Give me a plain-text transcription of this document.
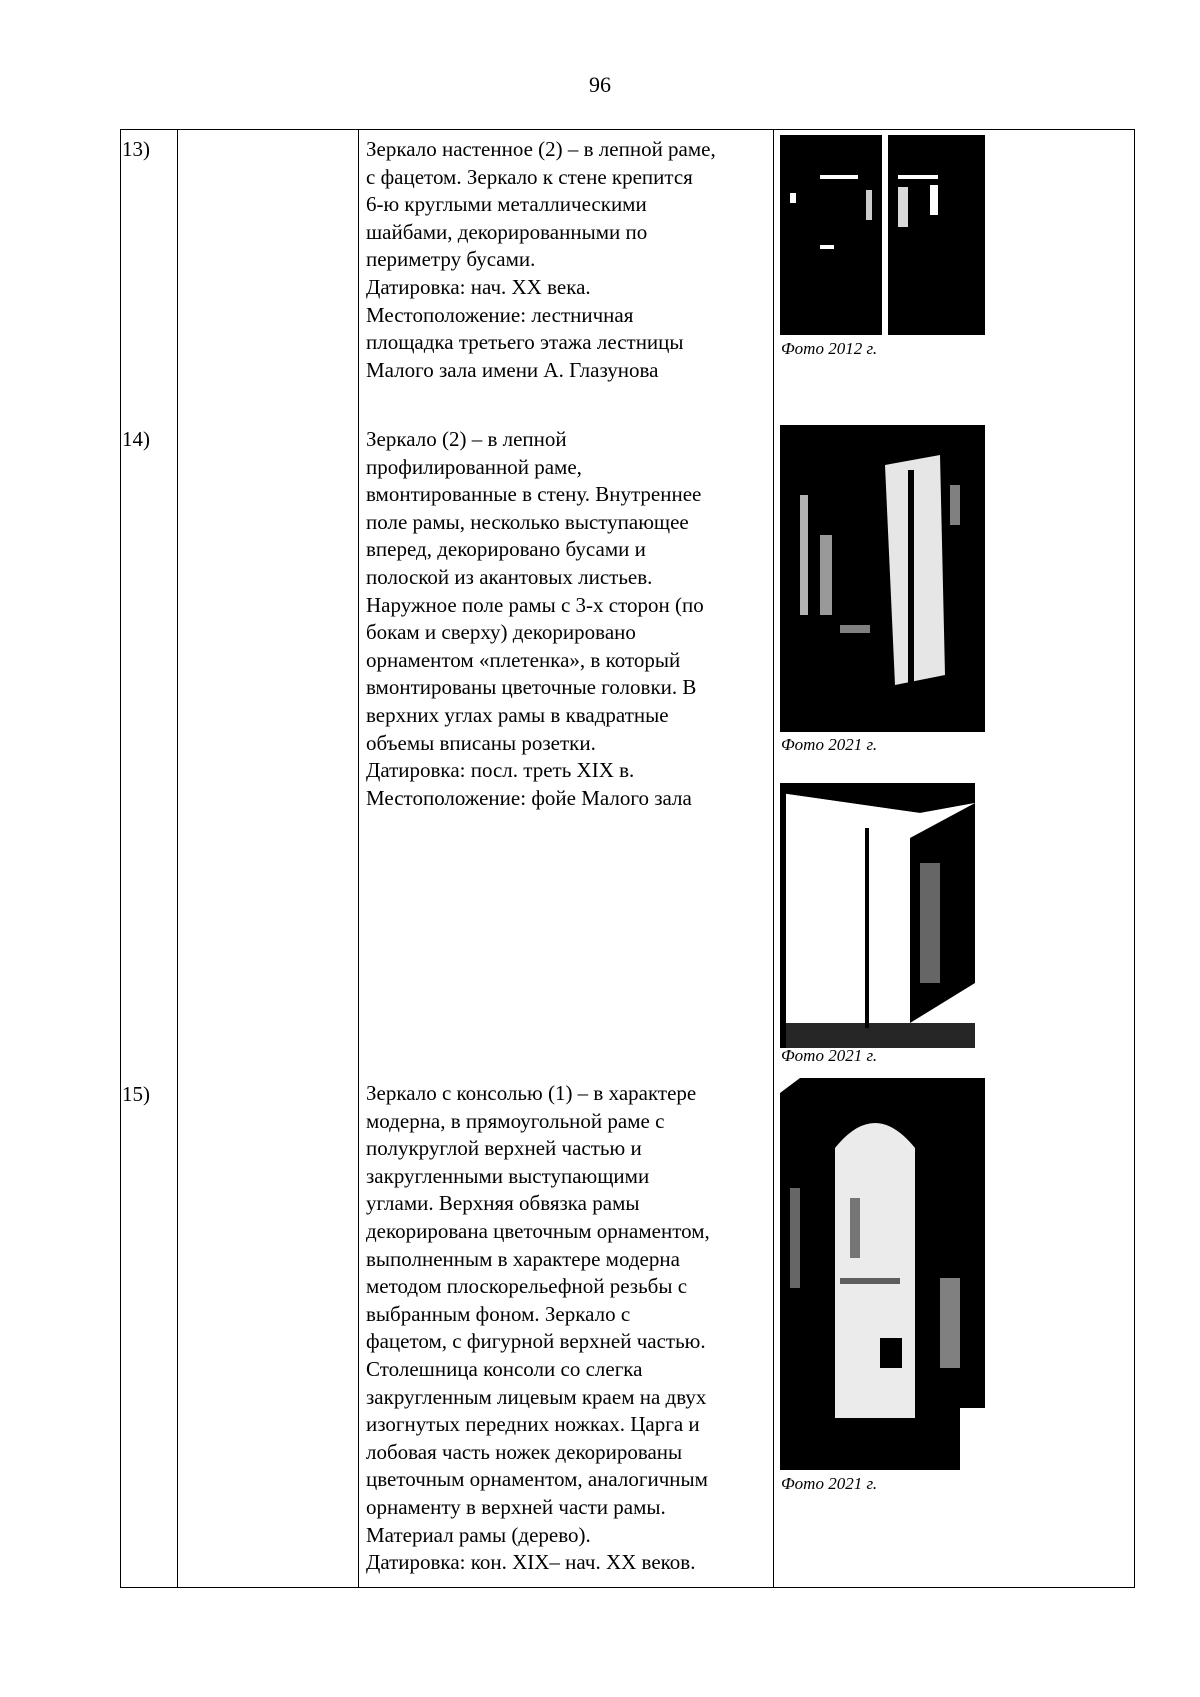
96
13)	Зеркало настенное (2) – в лепной раме,
с фацетом. Зеркало к стене крепится
6-ю круглыми металлическими
шайбами, декорированными по
периметру бусами.
Датировка: нач. ХХ века.
Местоположение: лестничная
площадка третьего этажа лестницы
Малого зала имени А. Глазунова
Фото 2012 г.
14)	Зеркало (2) – в лепной
профилированной раме,
вмонтированные в стену. Внутреннее
поле рамы, несколько выступающее
вперед, декорировано бусами и
полоской из акантовых листьев.
Наружное поле рамы с 3-х сторон (по
бокам и сверху) декорировано
орнаментом «плетенка», в который
вмонтированы цветочные головки. В
верхних углах рамы в квадратные
объемы вписаны розетки.
Датировка: посл. треть ХIХ в.
Местоположение: фойе Малого зала
Фото 2021 г.
Фото 2021 г.
15)	Зеркало с консолью (1) – в характере
модерна, в прямоугольной раме с
полукруглой верхней частью и
закругленными выступающими
углами. Верхняя обвязка рамы
декорирована цветочным орнаментом,
выполненным в характере модерна
методом плоскорельефной резьбы с
выбранным фоном. Зеркало с
фацетом, с фигурной верхней частью.
Столешница консоли со слегка
закругленным лицевым краем на двух
изогнутых передних ножках. Царга и
лобовая часть ножек декорированы
цветочным орнаментом, аналогичным
орнаменту в верхней части рамы.
Материал рамы (дерево).
Датировка: кон. ХIХ– нач. ХХ веков.
Фото 2021 г.
